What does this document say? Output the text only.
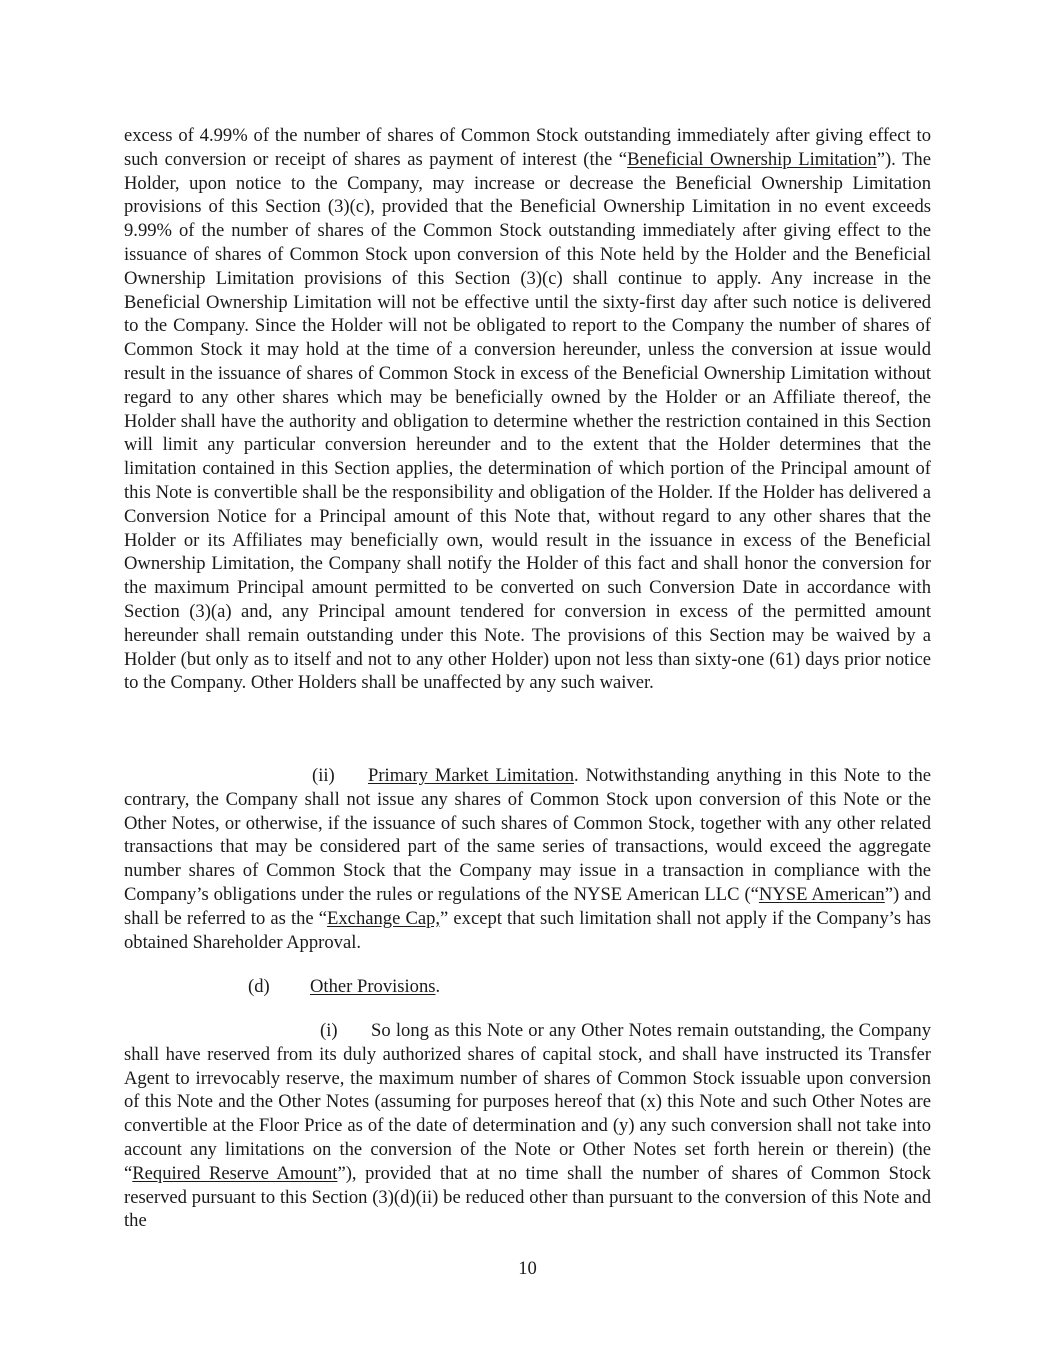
excess of 4.99% of the number of shares of Common Stock outstanding immediately after giving effect to such conversion or receipt of shares as payment of interest (the “Beneficial Ownership Limitation”). The Holder, upon notice to the Company, may increase or decrease the Beneficial Ownership Limitation provisions of this Section (3)(c), provided that the Beneficial Ownership Limitation in no event exceeds 9.99% of the number of shares of the Common Stock outstanding immediately after giving effect to the issuance of shares of Common Stock upon conversion of this Note held by the Holder and the Beneficial Ownership Limitation provisions of this Section (3)(c) shall continue to apply. Any increase in the Beneficial Ownership Limitation will not be effective until the sixty-first day after such notice is delivered to the Company. Since the Holder will not be obligated to report to the Company the number of shares of Common Stock it may hold at the time of a conversion hereunder, unless the conversion at issue would result in the issuance of shares of Common Stock in excess of the Beneficial Ownership Limitation without regard to any other shares which may be beneficially owned by the Holder or an Affiliate thereof, the Holder shall have the authority and obligation to determine whether the restriction contained in this Section will limit any particular conversion hereunder and to the extent that the Holder determines that the limitation contained in this Section applies, the determination of which portion of the Principal amount of this Note is convertible shall be the responsibility and obligation of the Holder. If the Holder has delivered a Conversion Notice for a Principal amount of this Note that, without regard to any other shares that the Holder or its Affiliates may beneficially own, would result in the issuance in excess of the Beneficial Ownership Limitation, the Company shall notify the Holder of this fact and shall honor the conversion for the maximum Principal amount permitted to be converted on such Conversion Date in accordance with Section (3)(a) and, any Principal amount tendered for conversion in excess of the permitted amount hereunder shall remain outstanding under this Note. The provisions of this Section may be waived by a Holder (but only as to itself and not to any other Holder) upon not less than sixty-one (61) days prior notice to the Company. Other Holders shall be unaffected by any such waiver.

(ii) Primary Market Limitation. Notwithstanding anything in this Note to the contrary, the Company shall not issue any shares of Common Stock upon conversion of this Note or the Other Notes, or otherwise, if the issuance of such shares of Common Stock, together with any other related transactions that may be considered part of the same series of transactions, would exceed the aggregate number shares of Common Stock that the Company may issue in a transaction in compliance with the Company’s obligations under the rules or regulations of the NYSE American LLC (“NYSE American”) and shall be referred to as the “Exchange Cap,” except that such limitation shall not apply if the Company’s has obtained Shareholder Approval.

(d) Other Provisions.

(i) So long as this Note or any Other Notes remain outstanding, the Company shall have reserved from its duly authorized shares of capital stock, and shall have instructed its Transfer Agent to irrevocably reserve, the maximum number of shares of Common Stock issuable upon conversion of this Note and the Other Notes (assuming for purposes hereof that (x) this Note and such Other Notes are convertible at the Floor Price as of the date of determination and (y) any such conversion shall not take into account any limitations on the conversion of the Note or Other Notes set forth herein or therein) (the “Required Reserve Amount”), provided that at no time shall the number of shares of Common Stock reserved pursuant to this Section (3)(d)(ii) be reduced other than pursuant to the conversion of this Note and the

10
